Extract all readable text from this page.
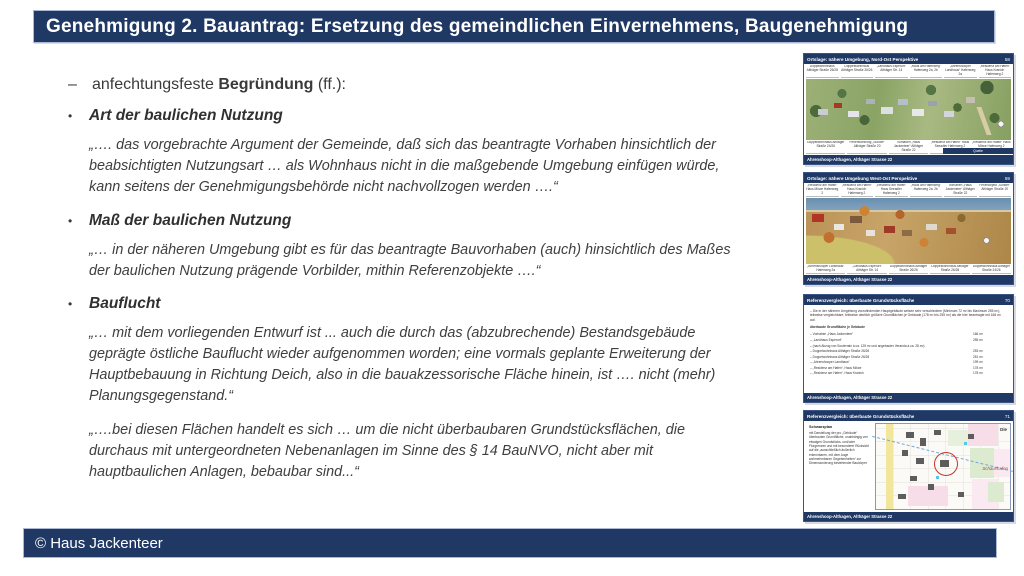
Genehmigung 2. Bauantrag: Ersetzung des gemeindlichen Einvernehmens, Baugenehmigung
– anfechtungsfeste Begründung (ff.):
•	Art der baulichen Nutzung

„…. das vorgebrachte Argument der Gemeinde, daß sich das beantragte Vorhaben hinsichtlich der beabsichtigten Nutzungsart … als Wohnhaus nicht in die maßgebende Umgebung einfügen würde, kann seitens der Genehmigungsbehörde nicht nachvollzogen werden ….“

•	Maß der baulichen Nutzung

„… in der näheren Umgebung gibt es für das beantragte Bauvorhaben (auch) hinsichtlich des Maßes der baulichen Nutzung prägende Vorbilder, mithin Referenzobjekte ….“

•	Bauflucht

„… mit dem vorliegenden Entwurf ist ... auch die durch das (abzubrechende) Bestandsgebäude geprägte östliche Bauflucht wieder aufgenommen worden; eine vormals geplante Erweiterung der Hauptbebauung in Richtung Deich, also in die bauakzessorische Fläche hinein, ist …. nicht (mehr) Planungsgegenstand.“

„….bei diesen Flächen handelt es sich … um die nicht überbaubaren Grundstücksflächen, die durchaus mit untergeordneten Nebenanlagen im Sinne des § 14 BauNVO, nicht aber mit hauptbaulichen Anlagen, bebaubar sind...“

Ortslage: nähere Umgebung, Nord-Ost Perspektive	58
Doppelwohnhaus Althäger Straße 26/28
Doppelwohnhaus Althäger Straße 26/26
„Landhaus Esperort“ Althäger Str. 14
„Haus am Hafenweg“ Hafenweg 2a, 2b
„Ahrenshooper Landhaus“ Hafenweg 2a
„Residenz am Hafen“ Haus Kranich Hafenweg 2
Doppelwohnhaus Althäger Straße 24/26
Ferienwohnung „Sünder“ Althäger Straße 20
Vorhaben „Haus Jackenteer“ Althäger Straße 22
„Residenz am Hafen“ Haus Seeadler Hafenweg 2
„Residenz am Hafen“ Haus Möwe Hafenweg 2
Ahrenshoop-Althagen, Althäger Strasse 22
Quelle
Ortslage: nähere Umgebung West-Ost Perspektive	59
„Residenz am Hafen“ Haus Möwe Hafenweg 2
„Residenz am Hafen“ Haus Kranich Hafenweg 2
„Residenz am Hafen“ Haus Seeadler Hafenweg 2
„Haus am Hafenweg“ Hafenweg 2a, 2b
Vorhaben „Haus Jackenteer“ Althäger Straße 22
Ferienobjekt „Sünder“ Althäger Straße 20
„Ahrenshooper Landhaus“ Hafenweg 2a
„Landhaus Esperort“ Althäger Str. 14
Doppelwohnhaus Althäger Straße 26/26
Doppelwohnhaus Althäger Straße 26/28
Doppelwohnhaus Althäger Straße 24/26
Ahrenshoop-Althagen, Althäger Strasse 22
Referenzvergleich: überbaute Grundstücksfläche	70

– Die in der näheren Umgebung vorzufindenden Hauptgebäude weisen sehr verschiedene (Minimum 72 m² bis Maximum 255 m²), teilweise vergleichbare, teilweise deutlich größere Grundflächen je Gebäude (178 m² bis 255 m²) als die hier beantragte mit 166 m² auf.

überbaute Grundfläche je Gebäude

– Vorhaben „Haus Jackenteer“	166 m²
– „Landhaus Esperort“	255 m²
– (nach Abzug von Souterrain à ca. 125 m² und angebauter Veranda à ca. 28 m²)
– Doppelwohnhaus Althäger Straße 26/26	253 m²
– Doppelwohnhaus Althäger Straße 26/28	251 m²
– „Ahrenshooper Landhaus“	199 m²
– „Residenz am Hafen“, Haus Möwe	178 m²
– „Residenz am Hafen“, Haus Kranich	178 m²
Ahrenshoop-Althagen, Althäger Strasse 22
Referenzvergleich: überbaute Grundstücksfläche	71

Schwarzplan

mit Darstellung der pro „Gebäude“ überbauten Grundfläche, unabhängig von etwaigen Grundstücks- und/oder Flurgrenzen und mit besonderer Rücksicht auf die „ausschließlich äußerlich erkennbaren, mit dem Auge wahrnehmbaren Gegebenheiten“ zur Dimensionierung bestehender Baukörper

Die
Schaushafen
Ahrenshoop-Althagen, Althäger Strasse 22
© Haus Jackenteer
